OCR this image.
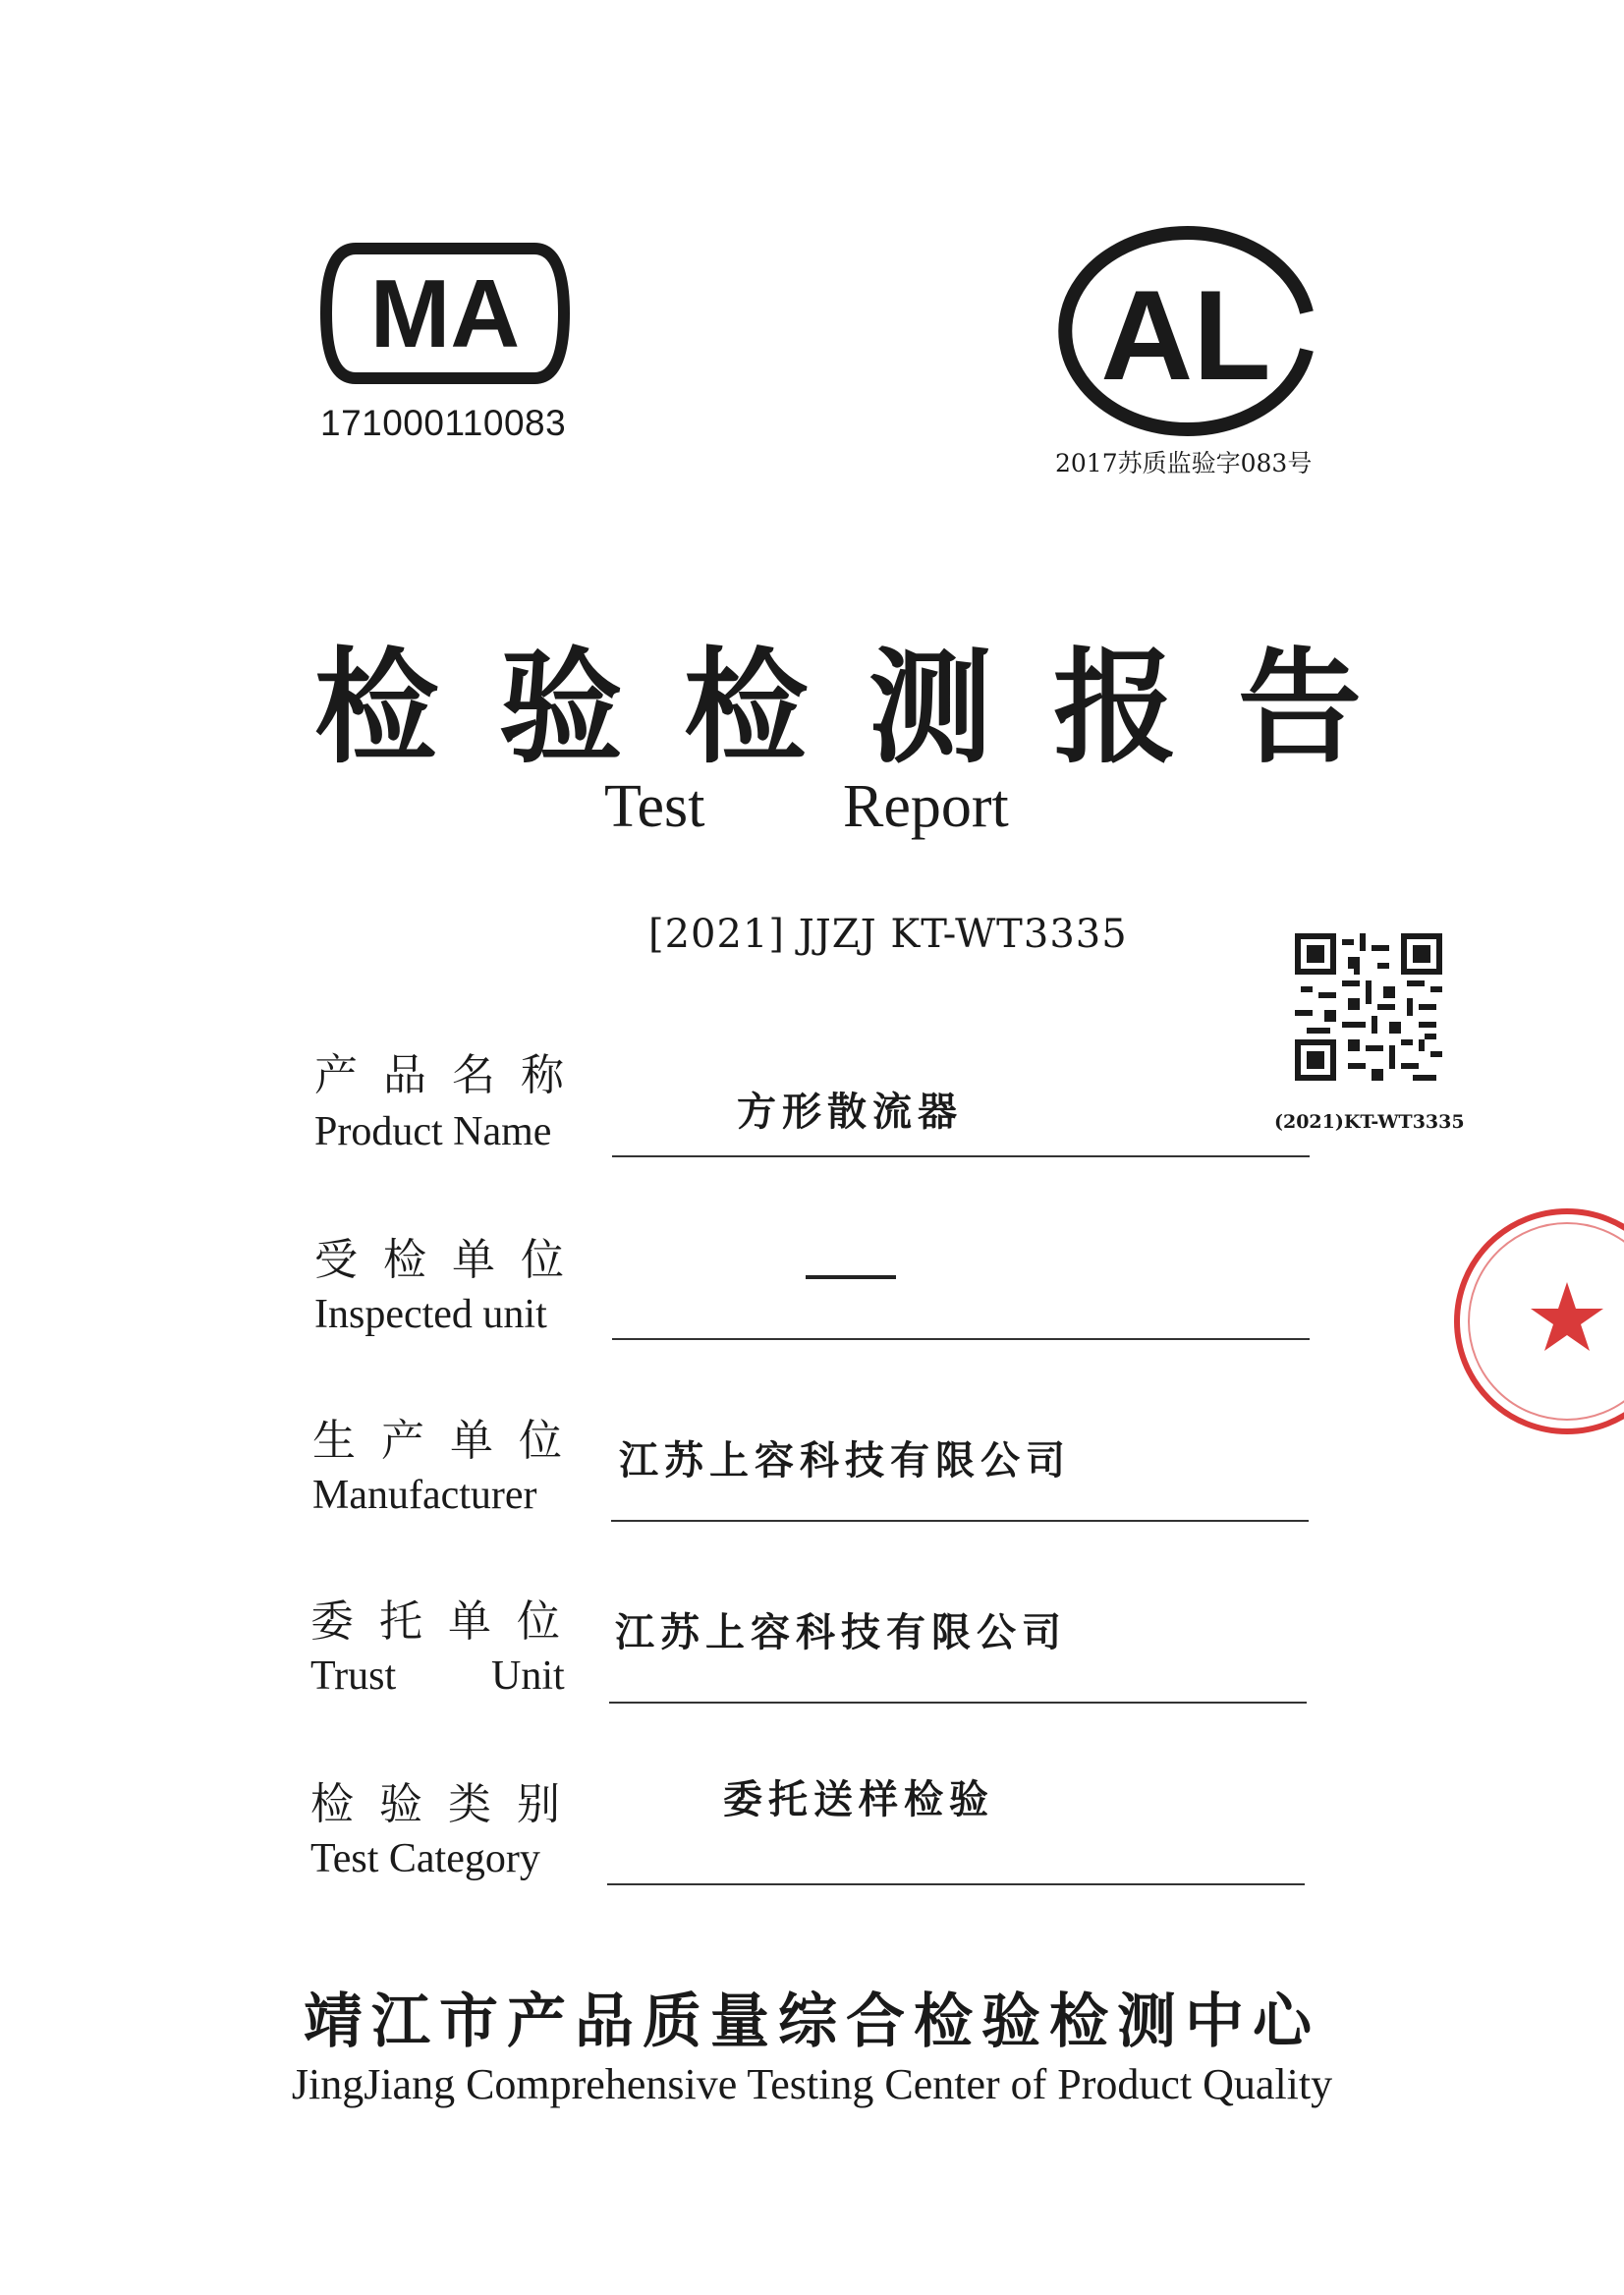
MA
171000110083
AL
2017苏质监验字083号
检验检测报告
Test Report
[2021] JJZJ KT-WT3335
(2021)KT-WT3335
产品名称
Product Name	方形散流器
受检单位
Inspected unit
生产单位
Manufacturer
江苏上容科技有限公司
委托单位
Trust Unit
江苏上容科技有限公司
检验类别
Test Category
委托送样检验
靖江市产品质量综合检验检测中心
JingJiang Comprehensive Testing Center of Product Quality
